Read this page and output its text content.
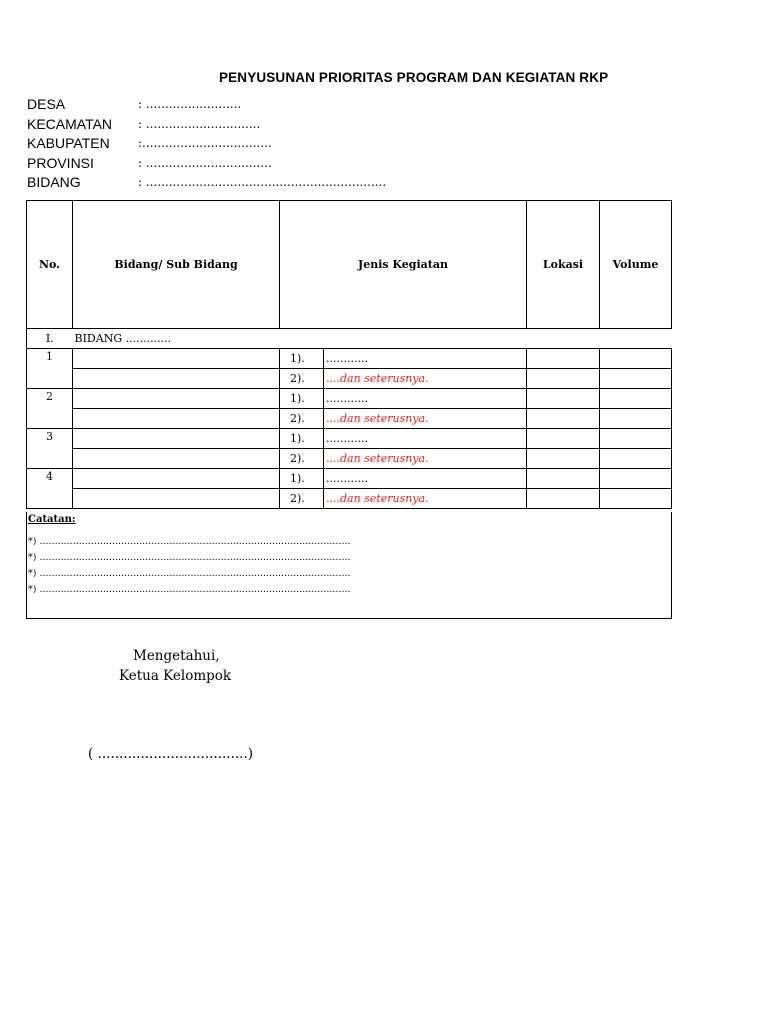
PENYUSUNAN PRIORITAS PROGRAM DAN KEGIATAN RKP
DESA	: .........................
KECAMATAN : ..............................
KABUPATEN :..................................
PROVINSI	: .................................
BIDANG	: ...............................................................
No.	Bidang/ Sub Bidang	Jenis Kegiatan		Lokasi	Volume
I.	BIDANG .............				
1		1).	............		
		2).	....dan seterusnya.		
2		1).	............		
		2).	....dan seterusnya.		
3		1).	............		
		2).	....dan seterusnya.		
4		1).	............		
		2).	....dan seterusnya.		
Catatan:
*) .......................................................................................................
*) .......................................................................................................
*) .......................................................................................................
*) .......................................................................................................
Mengetahui,
Ketua Kelompok
( ...................................)
